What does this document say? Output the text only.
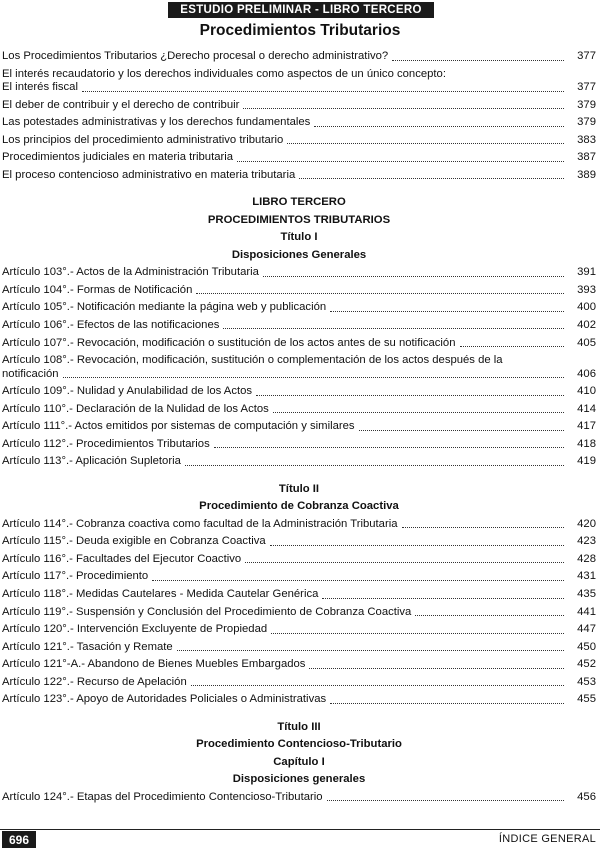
ESTUDIO PRELIMINAR - LIBRO TERCERO
Procedimientos Tributarios
Los Procedimientos Tributarios ¿Derecho procesal o derecho administrativo?	377
El interés recaudatorio y los derechos individuales como aspectos de un único concepto:
El interés fiscal	377
El deber de contribuir y el derecho de contribuir	379
Las potestades administrativas y los derechos fundamentales	379
Los principios del procedimiento administrativo tributario	383
Procedimientos judiciales en materia tributaria	387
El proceso contencioso administrativo en materia tributaria	389
LIBRO TERCERO
PROCEDIMIENTOS TRIBUTARIOS
Título I
Disposiciones Generales
Artículo 103°.- Actos de la Administración Tributaria	391
Artículo 104°.- Formas de Notificación	393
Artículo 105°.- Notificación mediante la página web y publicación	400
Artículo 106°.- Efectos de las notificaciones	402
Artículo 107°.- Revocación, modificación o sustitución de los actos antes de su notificación	405
Artículo 108°.- Revocación, modificación, sustitución o complementación de los actos después de la
notificación	406
Artículo 109°.- Nulidad y Anulabilidad de los Actos	410
Artículo 110°.- Declaración de la Nulidad de los Actos	414
Artículo 111°.- Actos emitidos por sistemas de computación y similares	417
Artículo 112°.- Procedimientos Tributarios	418
Artículo 113°.- Aplicación Supletoria	419
Título II
Procedimiento de Cobranza Coactiva
Artículo 114°.- Cobranza coactiva como facultad de la Administración Tributaria	420
Artículo 115°.- Deuda exigible en Cobranza Coactiva	423
Artículo 116°.- Facultades del Ejecutor Coactivo	428
Artículo 117°.- Procedimiento	431
Artículo 118°.- Medidas Cautelares - Medida Cautelar Genérica	435
Artículo 119°.- Suspensión y Conclusión del Procedimiento de Cobranza Coactiva	441
Artículo 120°.- Intervención Excluyente de Propiedad	447
Artículo 121°.- Tasación y Remate	450
Artículo 121°-A.- Abandono de Bienes Muebles Embargados	452
Artículo 122°.- Recurso de Apelación	453
Artículo 123°.- Apoyo de Autoridades Policiales o Administrativas	455
Título III
Procedimiento Contencioso-Tributario
Capítulo I
Disposiciones generales
Artículo 124°.- Etapas del Procedimiento Contencioso-Tributario	456
696	ÍNDICE GENERAL
